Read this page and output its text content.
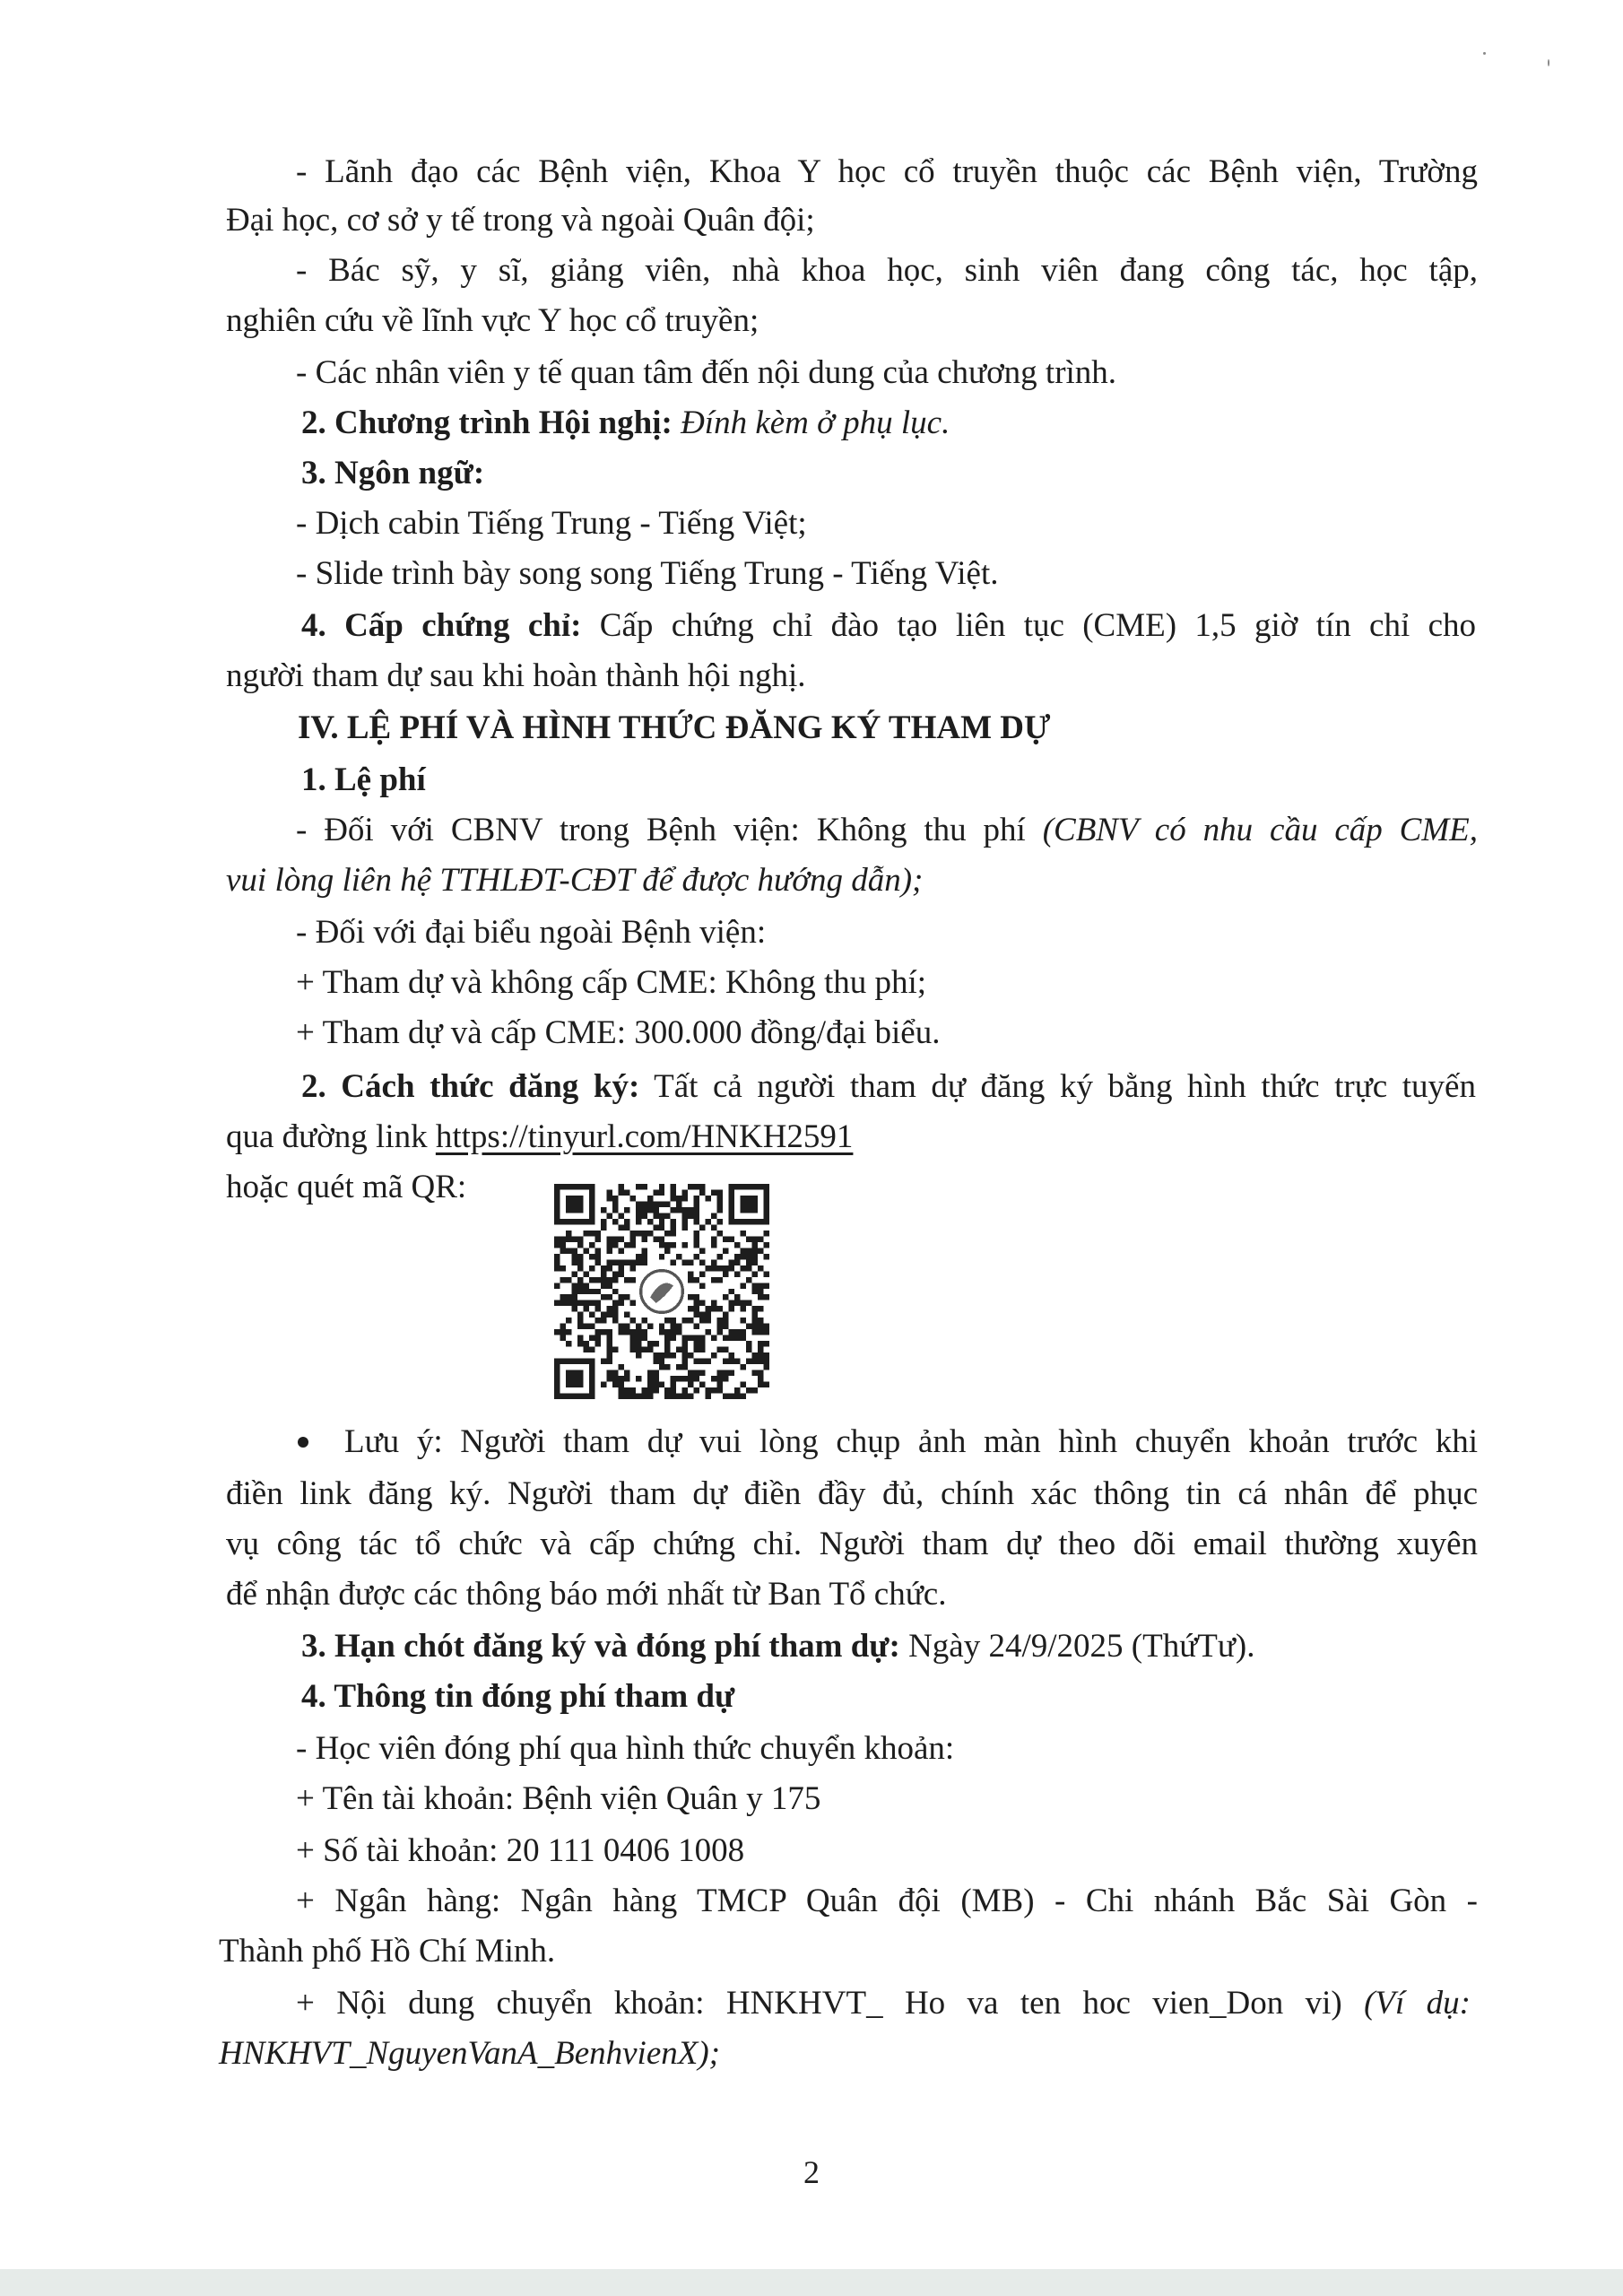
- Lãnh đạo các Bệnh viện, Khoa Y học cổ truyền thuộc các Bệnh viện, Trường
Đại học, cơ sở y tế trong và ngoài Quân đội;
- Bác sỹ, y sĩ, giảng viên, nhà khoa học, sinh viên đang công tác, học tập,
nghiên cứu về lĩnh vực Y học cổ truyền;
- Các nhân viên y tế quan tâm đến nội dung của chương trình.
2. Chương trình Hội nghị: Đính kèm ở phụ lục.
3. Ngôn ngữ:
- Dịch cabin Tiếng Trung - Tiếng Việt;
- Slide trình bày song song Tiếng Trung - Tiếng Việt.
4. Cấp chứng chỉ: Cấp chứng chỉ đào tạo liên tục (CME) 1,5 giờ tín chỉ cho
người tham dự sau khi hoàn thành hội nghị.
IV. LỆ PHÍ VÀ HÌNH THỨC ĐĂNG KÝ THAM DỰ
1. Lệ phí
- Đối với CBNV trong Bệnh viện: Không thu phí (CBNV có nhu cầu cấp CME,
vui lòng liên hệ TTHLĐT-CĐT để được hướng dẫn);
- Đối với đại biểu ngoài Bệnh viện:
+ Tham dự và không cấp CME: Không thu phí;
+ Tham dự và cấp CME: 300.000 đồng/đại biểu.
2. Cách thức đăng ký: Tất cả người tham dự đăng ký bằng hình thức trực tuyến
qua đường link https://tinyurl.com/HNKH2591
hoặc quét mã QR:
Lưu ý: Người tham dự vui lòng chụp ảnh màn hình chuyển khoản trước khi
điền link đăng ký. Người tham dự điền đầy đủ, chính xác thông tin cá nhân để phục
vụ công tác tổ chức và cấp chứng chỉ. Người tham dự theo dõi email thường xuyên
để nhận được các thông báo mới nhất từ Ban Tổ chức.
3. Hạn chót đăng ký và đóng phí tham dự: Ngày 24/9/2025 (ThứTư).
4. Thông tin đóng phí tham dự
- Học viên đóng phí qua hình thức chuyển khoản:
+ Tên tài khoản: Bệnh viện Quân y 175
+ Số tài khoản: 20 111 0406 1008
+ Ngân hàng: Ngân hàng TMCP Quân đội (MB) - Chi nhánh Bắc Sài Gòn -
Thành phố Hồ Chí Minh.
+ Nội dung chuyển khoản: HNKHVT_ Ho va ten hoc vien_Don vi) (Ví dụ:
HNKHVT_NguyenVanA_BenhvienX);
2
